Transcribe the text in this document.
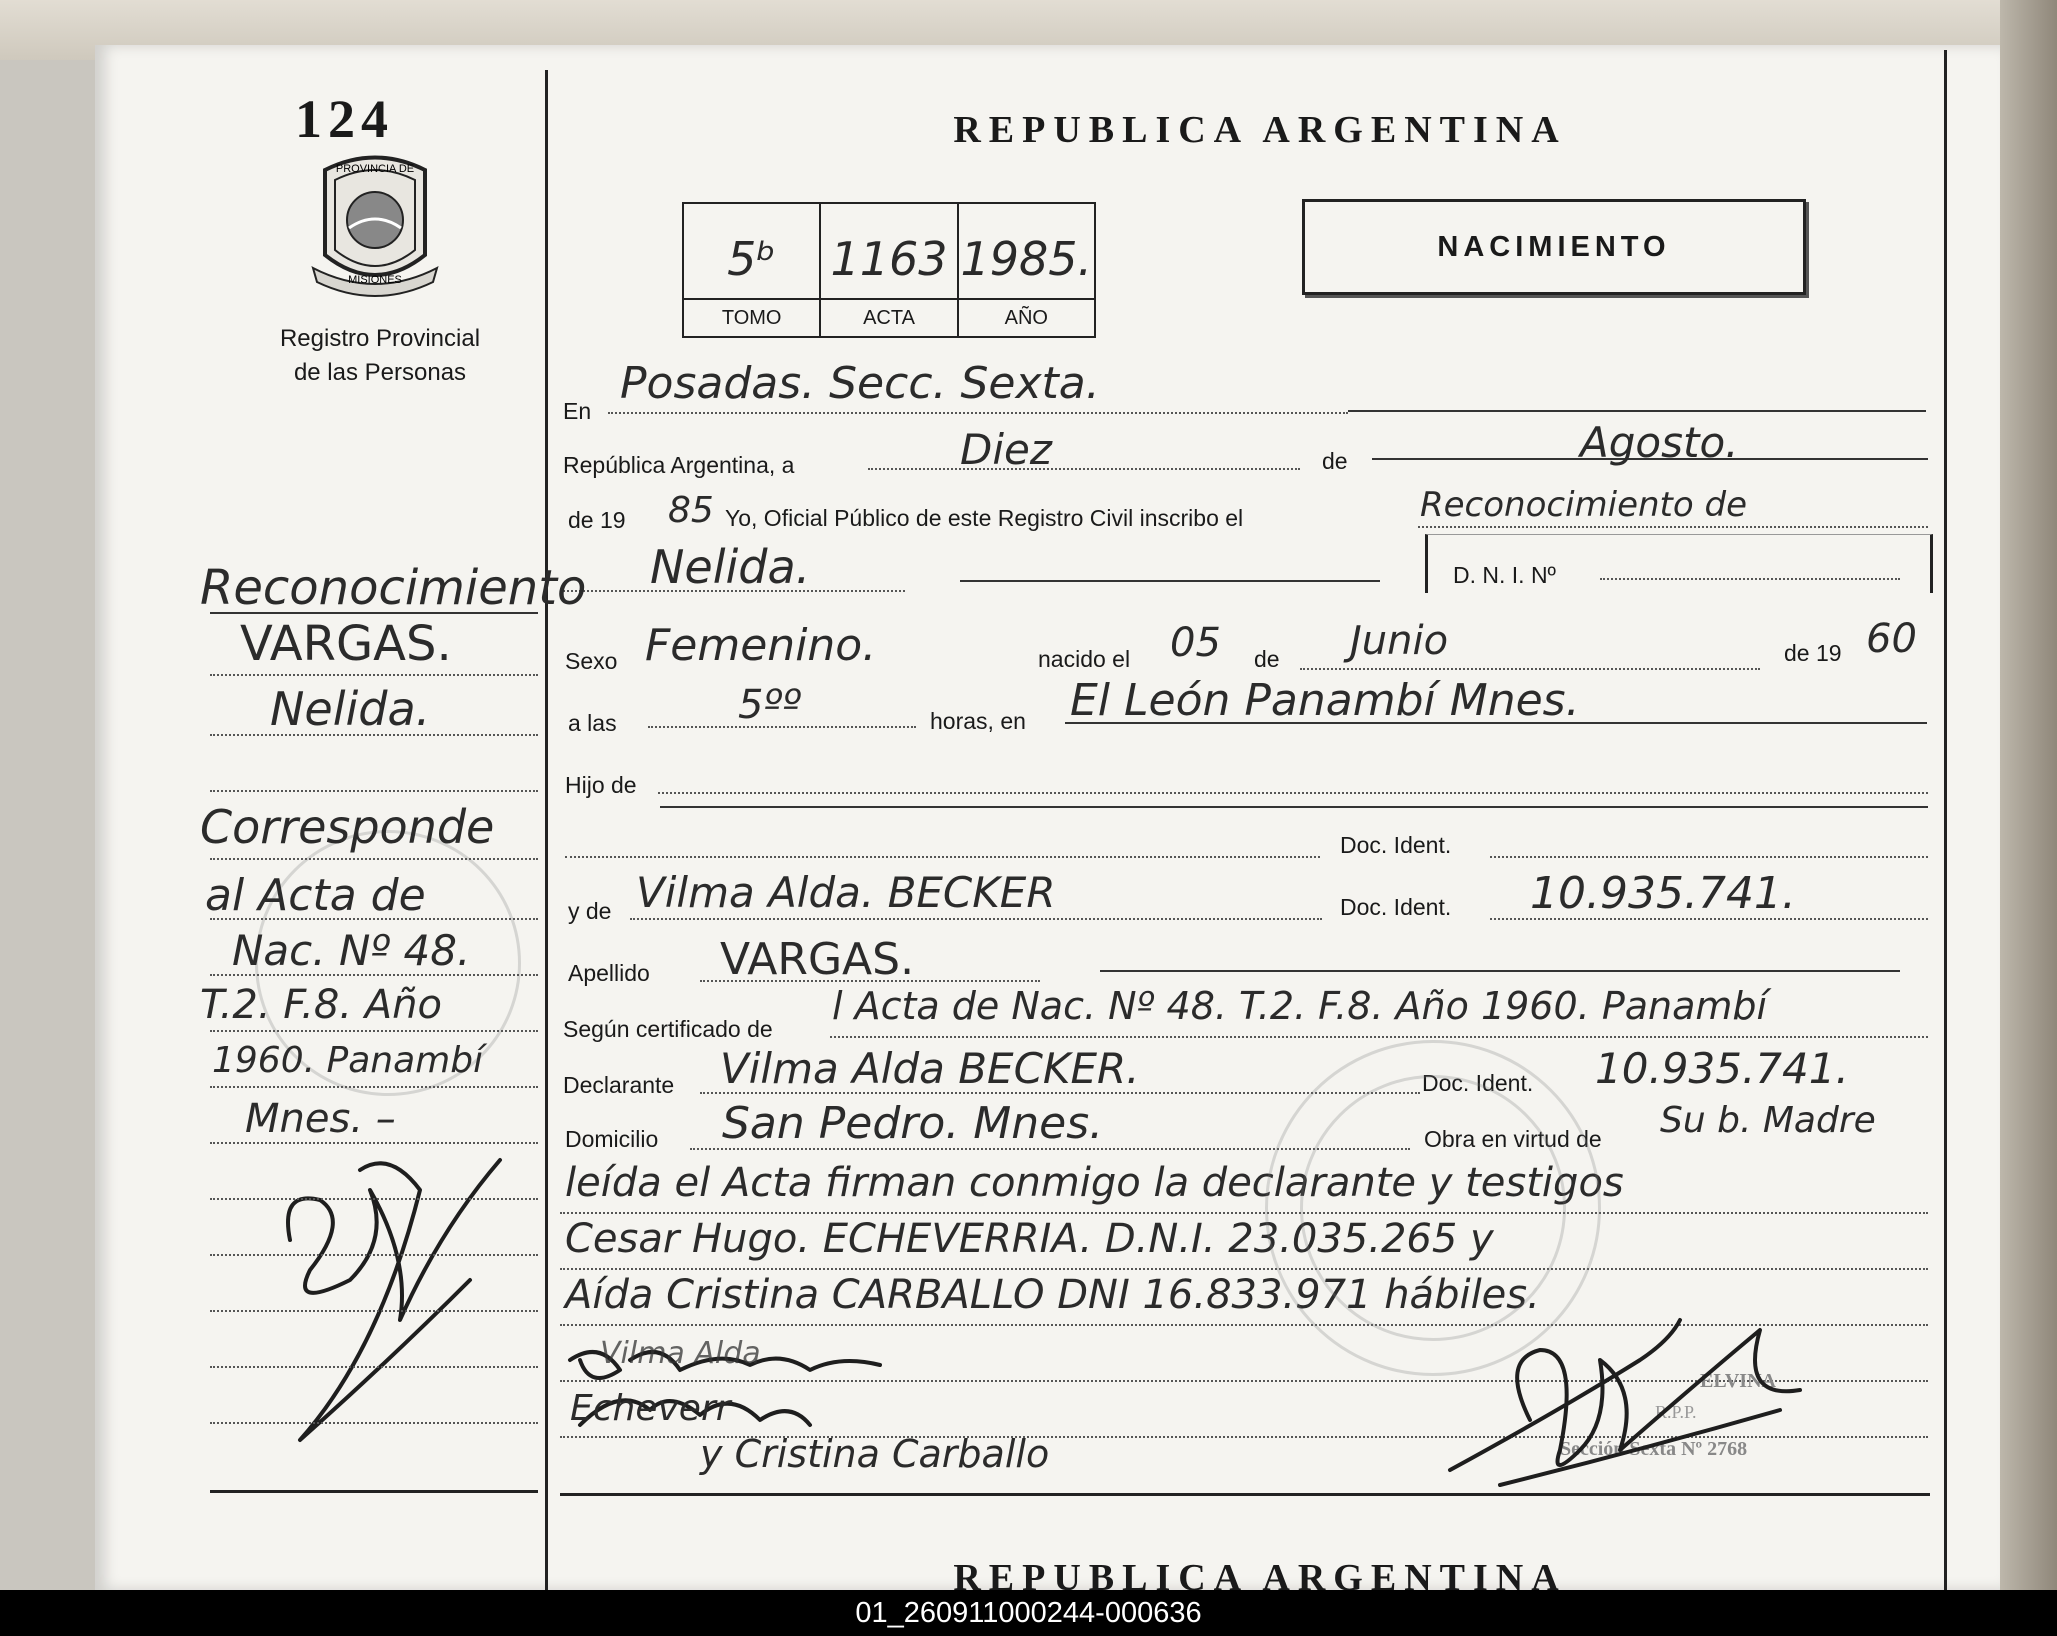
124
PROVINCIA DE
MISIONES
Registro Provincial
de las Personas
REPUBLICA ARGENTINA
5ᵇ
TOMO
1163
ACTA
1985.
AÑO
NACIMIENTO
En
Posadas. Secc. Sexta.
República Argentina, a	Diez	de	Agosto.
de 19 85 Yo, Oficial Público de este Registro Civil inscribo el	Reconocimiento de
Nelida.	D. N. I. Nº
Sexo Femenino.	nacido el 05 de Junio	de 19 60
a las	5ºº	horas, en El León Panambí Mnes.
Hijo de
Doc. Ident.
y de Vilma Alda. BECKER	Doc. Ident. 10.935.741.
Apellido VARGAS.
Según certificado de
l Acta de Nac. Nº 48. T.2. F.8. Año 1960. Panambí
Declarante Vilma Alda BECKER.	Doc. Ident. 10.935.741.
Domicilio San Pedro. Mnes.	Obra en virtud de Su b. Madre
leída el Acta firman conmigo la declarante y testigos
Cesar Hugo. ECHEVERRIA. D.N.I. 23.035.265 y
Aída Cristina CARBALLO DNI 16.833.971 hábiles.
ELVINA
R.P.P.
Sección Sexta Nº 2768
Vilma Alda
Echeverr
y Cristina Carballo
Reconocimiento
VARGAS.
Nelida.
Corresponde
al Acta de
Nac. Nº 48.
T.2. F.8. Año
1960. Panambí
Mnes. –
REPUBLICA ARGENTINA
01_260911000244-000636
